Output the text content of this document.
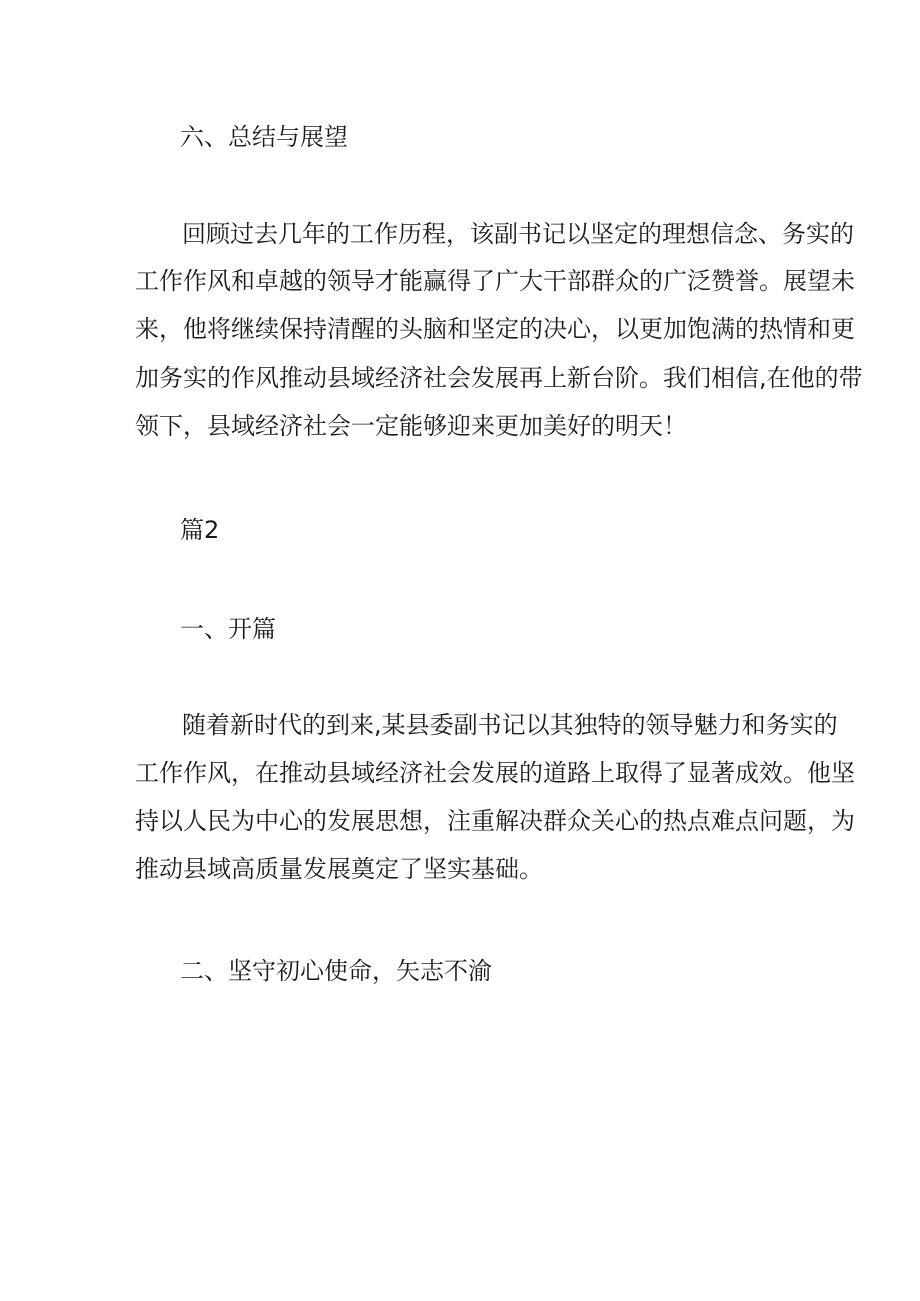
六、总结与展望
回顾过去几年的工作历程，该副书记以坚定的理想信念、务实的
工作作风和卓越的领导才能赢得了广大干部群众的广泛赞誉。展望未
来，他将继续保持清醒的头脑和坚定的决心，以更加饱满的热情和更
加务实的作风推动县域经济社会发展再上新台阶。我们相信,在他的带
领下，县域经济社会一定能够迎来更加美好的明天！
篇2
一、开篇
随着新时代的到来,某县委副书记以其独特的领导魅力和务实的
工作作风，在推动县域经济社会发展的道路上取得了显著成效。他坚
持以人民为中心的发展思想，注重解决群众关心的热点难点问题，为
推动县域高质量发展奠定了坚实基础。
二、坚守初心使命，矢志不渝
